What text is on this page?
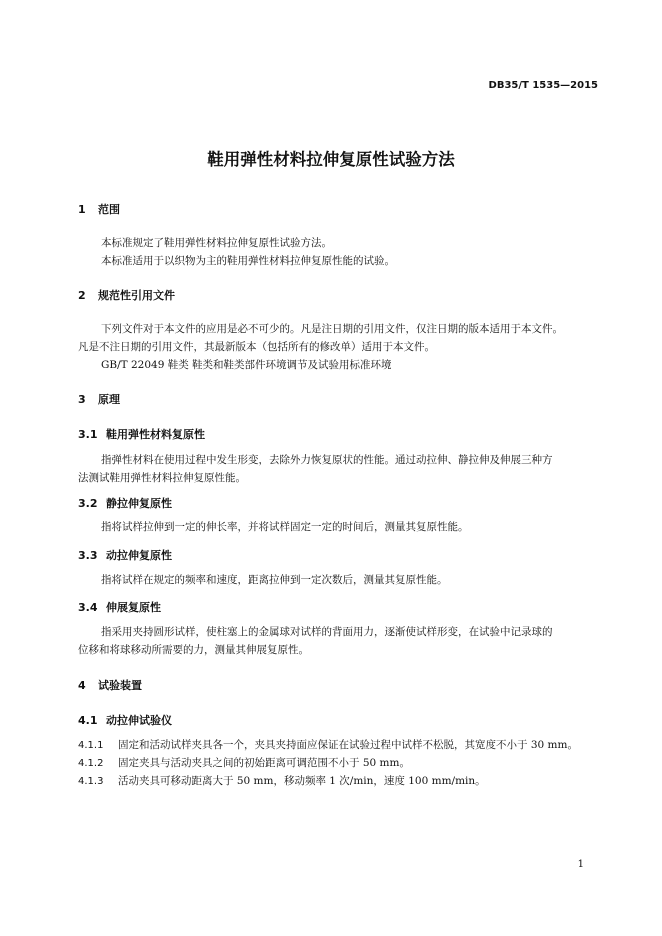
DB35/T 1535—2015
鞋用弹性材料拉伸复原性试验方法
1 范围
本标准规定了鞋用弹性材料拉伸复原性试验方法。
本标准适用于以织物为主的鞋用弹性材料拉伸复原性能的试验。
2 规范性引用文件
下列文件对于本文件的应用是必不可少的。凡是注日期的引用文件，仅注日期的版本适用于本文件。
凡是不注日期的引用文件，其最新版本（包括所有的修改单）适用于本文件。
GB/T 22049 鞋类 鞋类和鞋类部件环境调节及试验用标准环境
3 原理
3.1 鞋用弹性材料复原性
指弹性材料在使用过程中发生形变，去除外力恢复原状的性能。通过动拉伸、静拉伸及伸展三种方
法测试鞋用弹性材料拉伸复原性能。
3.2 静拉伸复原性
指将试样拉伸到一定的伸长率，并将试样固定一定的时间后，测量其复原性能。
3.3 动拉伸复原性
指将试样在规定的频率和速度，距离拉伸到一定次数后，测量其复原性能。
3.4 伸展复原性
指采用夹持圆形试样，使柱塞上的金属球对试样的背面用力，逐渐使试样形变，在试验中记录球的
位移和将球移动所需要的力，测量其伸展复原性。
4 试验装置
4.1 动拉伸试验仪
4.1.1 固定和活动试样夹具各一个，夹具夹持面应保证在试验过程中试样不松脱，其宽度不小于 30 mm。
4.1.2 固定夹具与活动夹具之间的初始距离可调范围不小于 50 mm。
4.1.3 活动夹具可移动距离大于 50 mm，移动频率 1 次/min，速度 100 mm/min。
1
